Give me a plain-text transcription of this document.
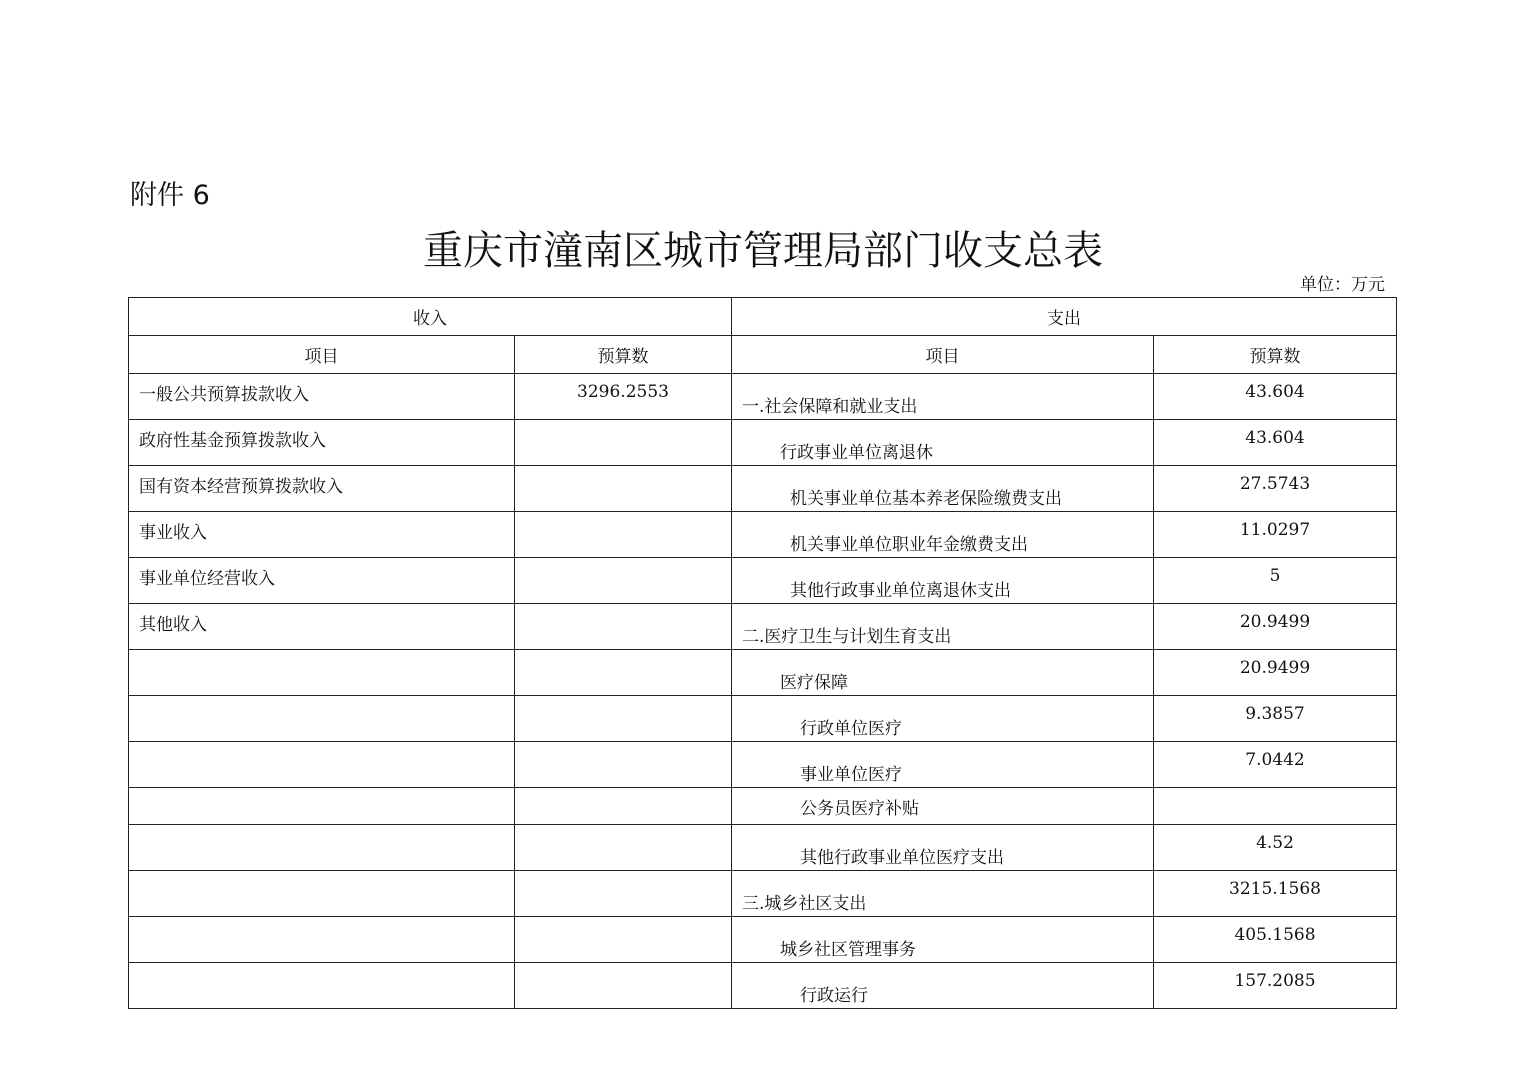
附件 6
重庆市潼南区城市管理局部门收支总表
单位：万元
收入		支出	
项目	预算数	项目	预算数
一般公共预算拔款收入	3296.2553	一.社会保障和就业支出	43.604
政府性基金预算拨款收入		行政事业单位离退休	43.604
国有资本经营预算拨款收入		机关事业单位基本养老保险缴费支出	27.5743
事业收入		机关事业单位职业年金缴费支出	11.0297
事业单位经营收入		其他行政事业单位离退休支出	5
其他收入		二.医疗卫生与计划生育支出	20.9499
		医疗保障	20.9499
		行政单位医疗	9.3857
		事业单位医疗	7.0442
		公务员医疗补贴	
		其他行政事业单位医疗支出	4.52
		三.城乡社区支出	3215.1568
		城乡社区管理事务	405.1568
		行政运行	157.2085
